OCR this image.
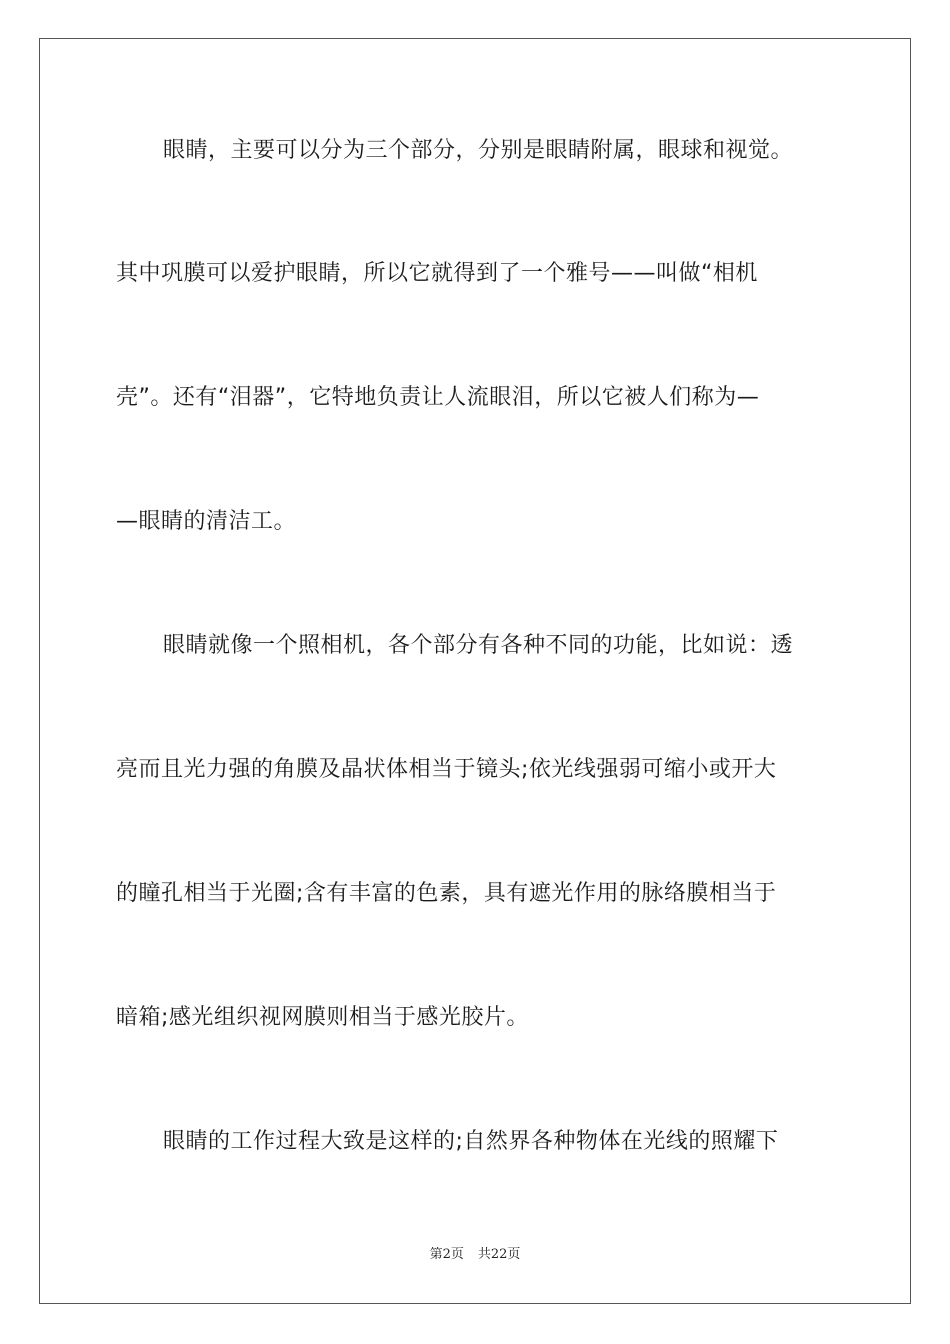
眼睛，主要可以分为三个部分，分别是眼睛附属，眼球和视觉。
其中巩膜可以爱护眼睛，所以它就得到了一个雅号——叫做“相机
壳”。还有“泪器”，它特地负责让人流眼泪，所以它被人们称为—
—眼睛的清洁工。
眼睛就像一个照相机，各个部分有各种不同的功能，比如说：透
亮而且光力强的角膜及晶状体相当于镜头;依光线强弱可缩小或开大
的瞳孔相当于光圈;含有丰富的色素，具有遮光作用的脉络膜相当于
暗箱;感光组织视网膜则相当于感光胶片。
眼睛的工作过程大致是这样的;自然界各种物体在光线的照耀下
第2页 共22页
